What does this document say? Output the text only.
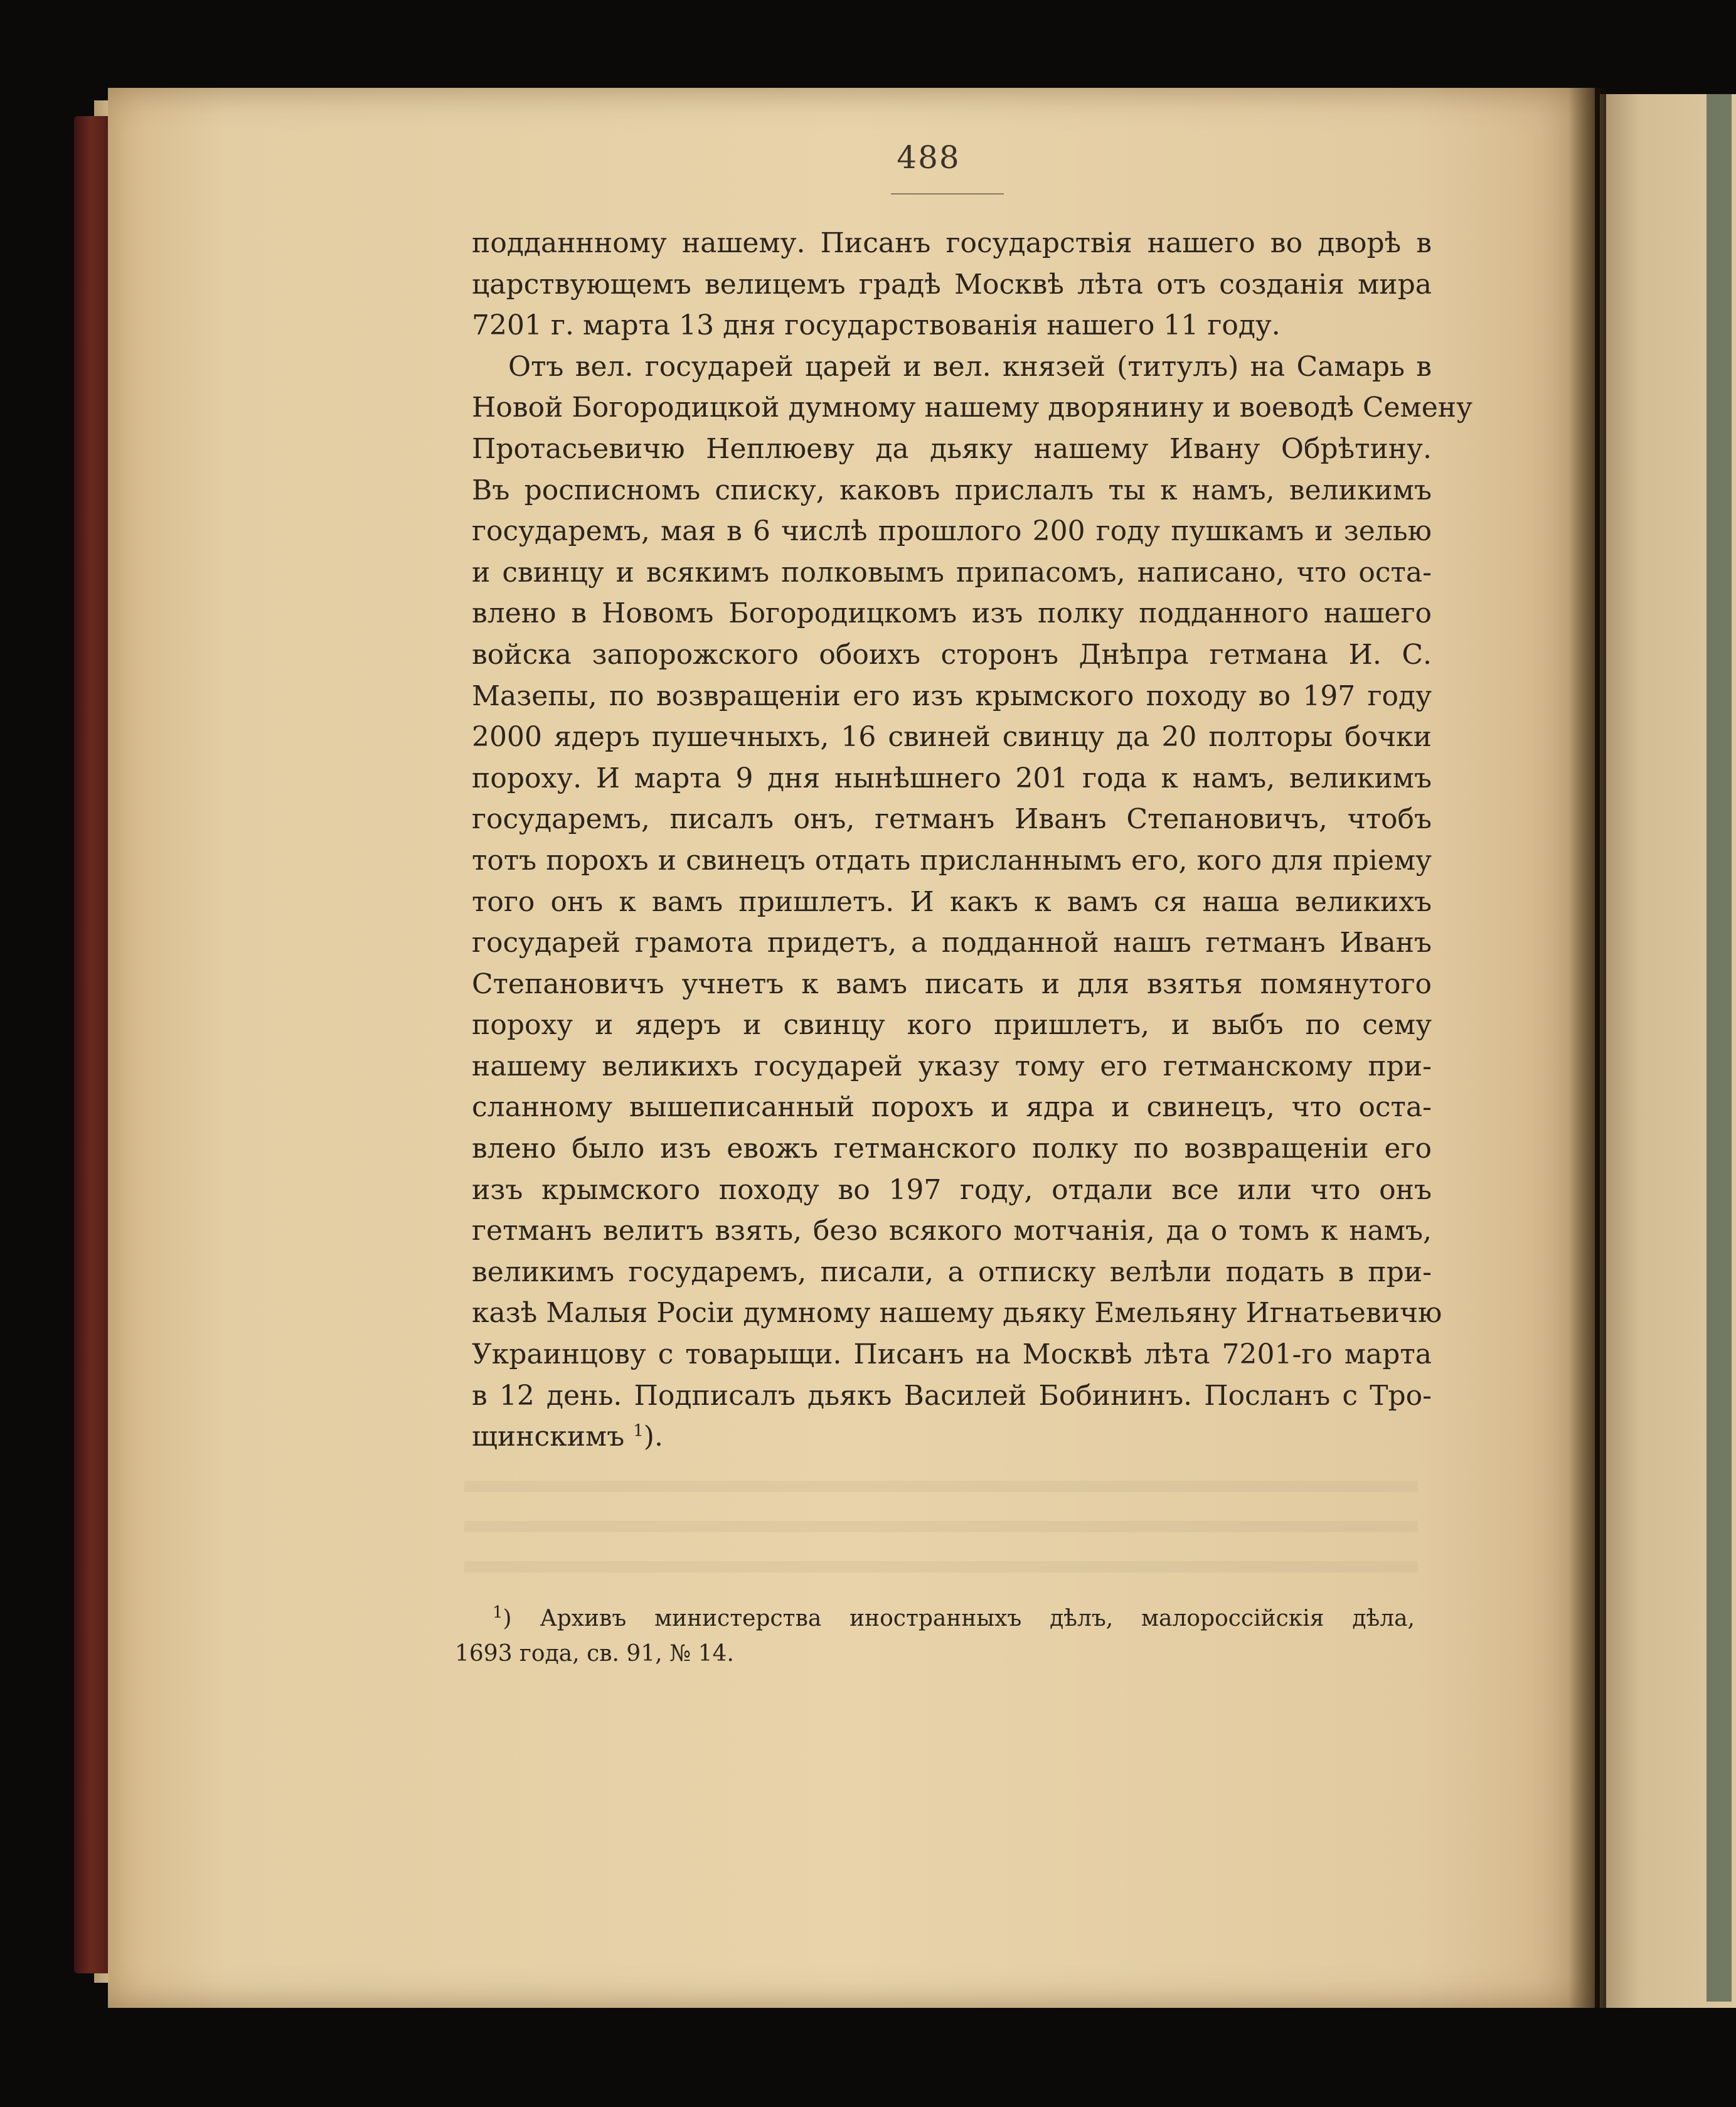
488
подданнному нашему. Писанъ государствія нашего во дворѣ в
царствующемъ велицемъ градѣ Москвѣ лѣта отъ созданія мира
7201 г. марта 13 дня государствованія нашего 11 году.
Отъ вел. государей царей и вел. князей (титулъ) на Самарь в
Новой Богородицкой думному нашему дворянину и воеводѣ Семену
Протасьевичю Неплюеву да дьяку нашему Ивану Обрѣтину.
Въ росписномъ списку, каковъ прислалъ ты к намъ, великимъ
государемъ, мая в 6 числѣ прошлого 200 году пушкамъ и зелью
и свинцу и всякимъ полковымъ припасомъ, написано, что оста-
влено в Новомъ Богородицкомъ изъ полку подданного нашего
войска запорожского обоихъ сторонъ Днѣпра гетмана И. С.
Мазепы, по возвращеніи его изъ крымского походу во 197 году
2000 ядеръ пушечныхъ, 16 свиней свинцу да 20 полторы бочки
пороху. И марта 9 дня нынѣшнего 201 года к намъ, великимъ
государемъ, писалъ онъ, гетманъ Иванъ Степановичъ, чтобъ
тотъ порохъ и свинецъ отдать присланнымъ его, кого для пріему
того онъ к вамъ пришлетъ. И какъ к вамъ ся наша великихъ
государей грамота придетъ, а подданной нашъ гетманъ Иванъ
Степановичъ учнетъ к вамъ писать и для взятья помянутого
пороху и ядеръ и свинцу кого пришлетъ, и выбъ по сему
нашему великихъ государей указу тому его гетманскому при-
сланному вышеписанный порохъ и ядра и свинецъ, что оста-
влено было изъ евожъ гетманского полку по возвращеніи его
изъ крымского походу во 197 году, отдали все или что онъ
гетманъ велитъ взять, безо всякого мотчанія, да о томъ к намъ,
великимъ государемъ, писали, а отписку велѣли подать в при-
казѣ Малыя Росіи думному нашему дьяку Емельяну Игнатьевичю
Украинцову с товарыщи. Писанъ на Москвѣ лѣта 7201-го марта
в 12 день. Подписалъ дьякъ Василей Бобининъ. Посланъ с Тро-
щинскимъ $^1$).
$^1$) Архивъ министерства иностранныхъ дѣлъ, малороссійскія дѣла,
1693 года, св. 91, № 14.
